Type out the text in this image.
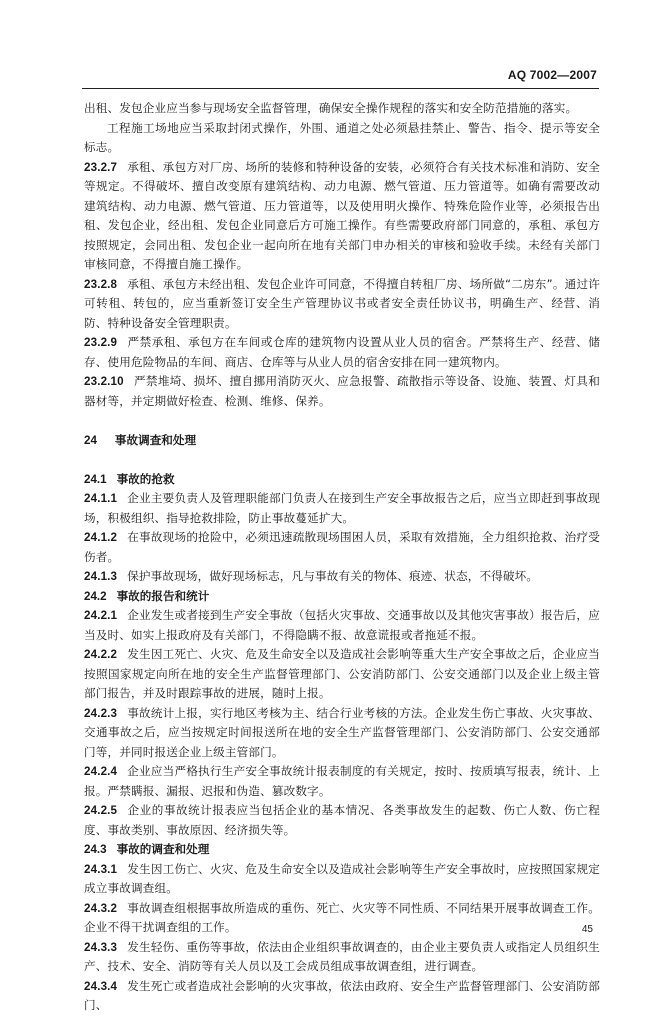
AQ 7002—2007

出租、发包企业应当参与现场安全监督管理，确保安全操作规程的落实和安全防范措施的落实。

工程施工场地应当采取封闭式操作，外围、通道之处必须悬挂禁止、警告、指令、提示等安全标志。

23.2.7 承租、承包方对厂房、场所的装修和特种设备的安装，必须符合有关技术标准和消防、安全等规定。不得破坏、擅自改变原有建筑结构、动力电源、燃气管道、压力管道等。如确有需要改动建筑结构、动力电源、燃气管道、压力管道等，以及使用明火操作、特殊危险作业等，必须报告出租、发包企业，经出租、发包企业同意后方可施工操作。有些需要政府部门同意的，承租、承包方按照规定，会同出租、发包企业一起向所在地有关部门申办相关的审核和验收手续。未经有关部门审核同意，不得擅自施工操作。

23.2.8 承租、承包方未经出租、发包企业许可同意，不得擅自转租厂房、场所做“二房东”。通过许可转租、转包的，应当重新签订安全生产管理协议书或者安全责任协议书，明确生产、经营、消防、特种设备安全管理职责。

23.2.9 严禁承租、承包方在车间或仓库的建筑物内设置从业人员的宿舍。严禁将生产、经营、储存、使用危险物品的车间、商店、仓库等与从业人员的宿舍安排在同一建筑物内。

23.2.10 严禁堆埼、损坏、擅自挪用消防灭火、应急报警、疏散指示等设备、设施、装置、灯具和器材等，并定期做好检查、检测、维修、保养。

24 事故调查和处理

24.1 事故的抢救

24.1.1 企业主要负责人及管理职能部门负责人在接到生产安全事故报告之后，应当立即赶到事故现场，积极组织、指导抢救排险，防止事故蔓延扩大。

24.1.2 在事故现场的抢险中，必须迅速疏散现场围困人员，采取有效措施，全力组织抢救、治疗受伤者。

24.1.3 保护事故现场，做好现场标志，凡与事故有关的物体、痕迹、状态，不得破坏。

24.2 事故的报告和统计

24.2.1 企业发生或者接到生产安全事故（包括火灾事故、交通事故以及其他灾害事故）报告后，应当及时、如实上报政府及有关部门，不得隐瞒不报、故意谎报或者拖延不报。

24.2.2 发生因工死亡、火灾、危及生命安全以及造成社会影响等重大生产安全事故之后，企业应当按照国家规定向所在地的安全生产监督管理部门、公安消防部门、公安交通部门以及企业上级主管部门报告，并及时跟踪事故的进展，随时上报。

24.2.3 事故统计上报，实行地区考核为主、结合行业考核的方法。企业发生伤亡事故、火灾事故、交通事故之后，应当按规定时间报送所在地的安全生产监督管理部门、公安消防部门、公安交通部门等，并同时报送企业上级主管部门。

24.2.4 企业应当严格执行生产安全事故统计报表制度的有关规定，按时、按质填写报表，统计、上报。严禁瞒报、漏报、迟报和伪造、篡改数字。

24.2.5 企业的事故统计报表应当包括企业的基本情况、各类事故发生的起数、伤亡人数、伤亡程度、事故类别、事故原因、经济损失等。

24.3 事故的调查和处理

24.3.1 发生因工伤亡、火灾、危及生命安全以及造成社会影响等生产安全事故时，应按照国家规定成立事故调查组。

24.3.2 事故调查组根据事故所造成的重伤、死亡、火灾等不同性质、不同结果开展事故调查工作。企业不得干扰调查组的工作。

24.3.3 发生轻伤、重伤等事故，依法由企业组织事故调查的，由企业主要负责人或指定人员组织生产、技术、安全、消防等有关人员以及工会成员组成事故调查组，进行调查。

24.3.4 发生死亡或者造成社会影响的火灾事故，依法由政府、安全生产监督管理部门、公安消防部门、

45
